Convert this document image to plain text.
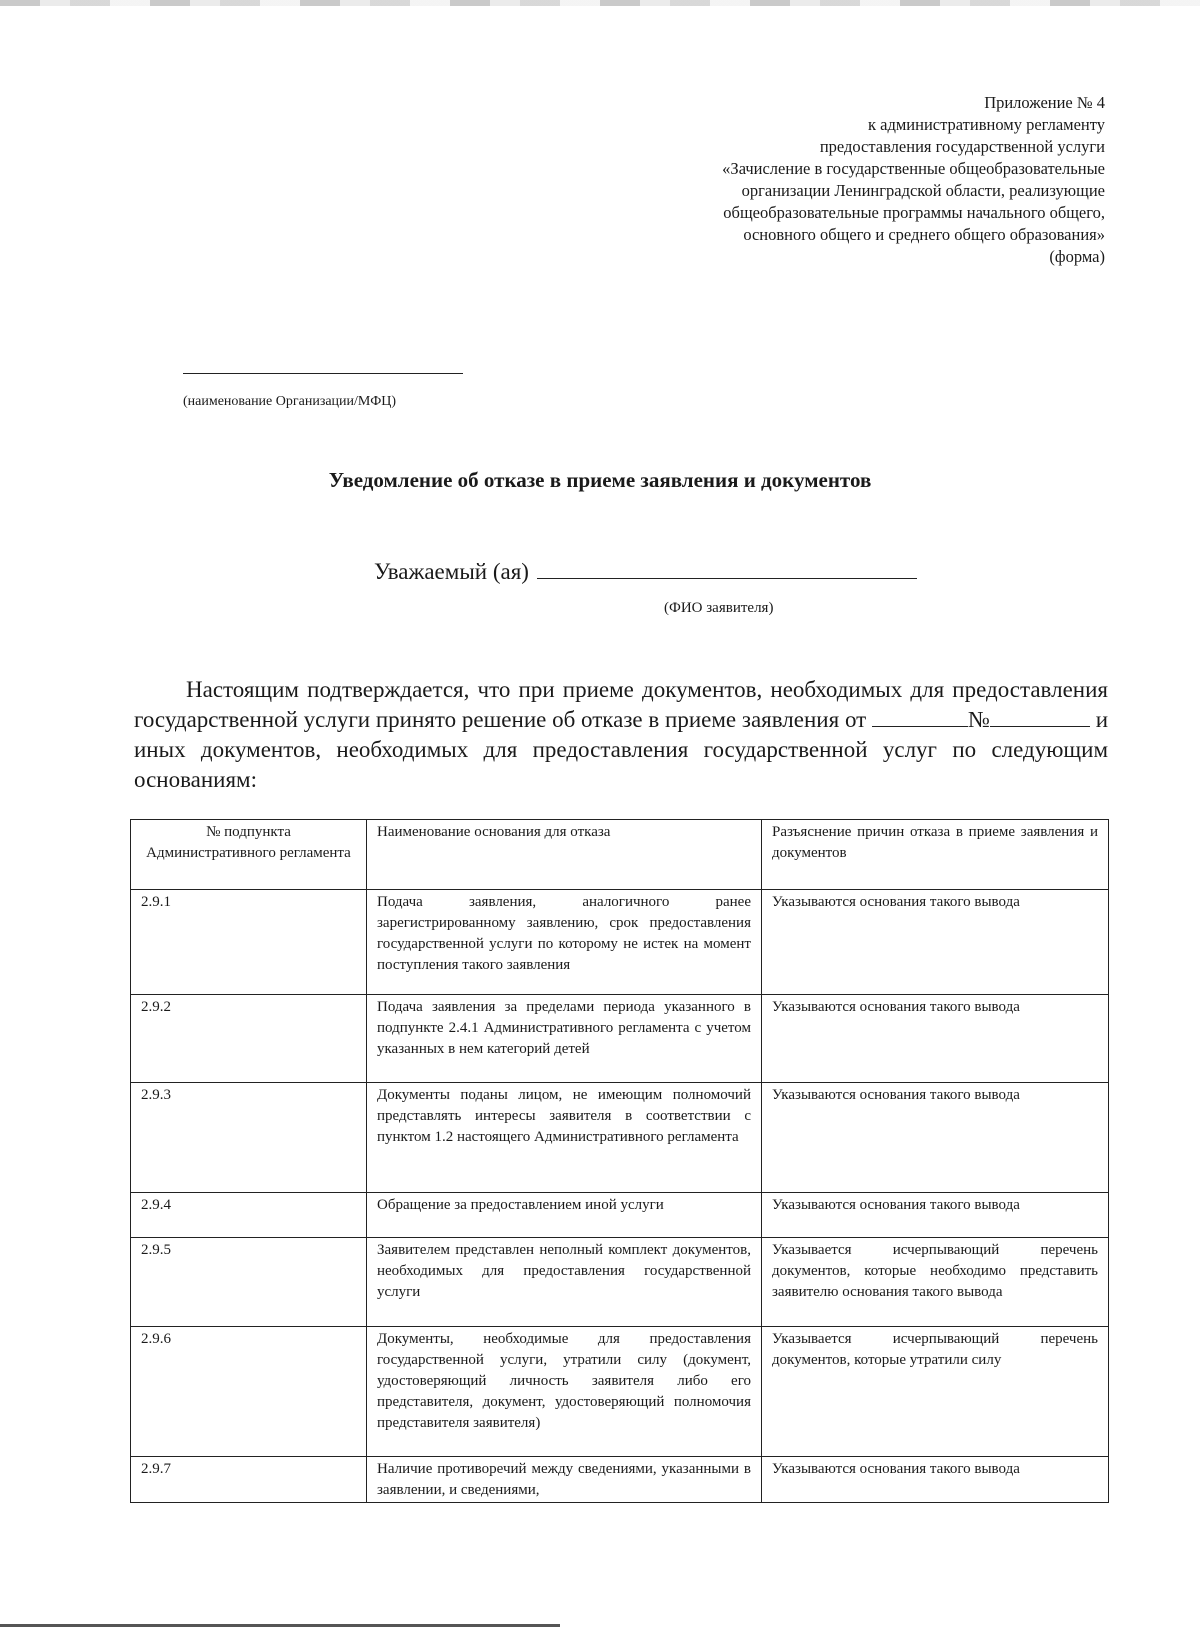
Приложение № 4
к административному регламенту
предоставления государственной услуги
«Зачисление в государственные общеобразовательные
организации Ленинградской области, реализующие
общеобразовательные программы начального общего,
основного общего и среднего общего образования»
(форма)
(наименование Организации/МФЦ)
Уведомление об отказе в приеме заявления и документов
Уважаемый (ая)
(ФИО заявителя)
Настоящим подтверждается, что при приеме документов, необходимых для предоставления государственной услуги принято решение об отказе в приеме заявления от	№	и иных документов, необходимых для предоставления государственной услуг по следующим основаниям:
№ подпункта Административного регламента	Наименование основания для отказа	Разъяснение причин отказа в приеме заявления и документов
2.9.1	Подача заявления, аналогичного ранее зарегистрированному заявлению, срок предоставления государственной услуги по которому не истек на момент поступления такого заявления	Указываются основания такого вывода
2.9.2	Подача заявления за пределами периода указанного в подпункте 2.4.1 Административного регламента с учетом указанных в нем категорий детей	Указываются основания такого вывода
2.9.3	Документы поданы лицом, не имеющим полномочий представлять интересы заявителя в соответствии с пунктом 1.2 настоящего Административного регламента	Указываются основания такого вывода
2.9.4	Обращение за предоставлением иной услуги	Указываются основания такого вывода
2.9.5	Заявителем представлен неполный комплект документов, необходимых для предоставления государственной услуги	Указывается исчерпывающий перечень документов, которые необходимо представить заявителю основания такого вывода
2.9.6	Документы, необходимые для предоставления государственной услуги, утратили силу (документ, удостоверяющий личность заявителя либо его представителя, документ, удостоверяющий полномочия представителя заявителя)	Указывается исчерпывающий перечень документов, которые утратили силу
2.9.7	Наличие противоречий между сведениями, указанными в заявлении, и сведениями,	Указываются основания такого вывода
